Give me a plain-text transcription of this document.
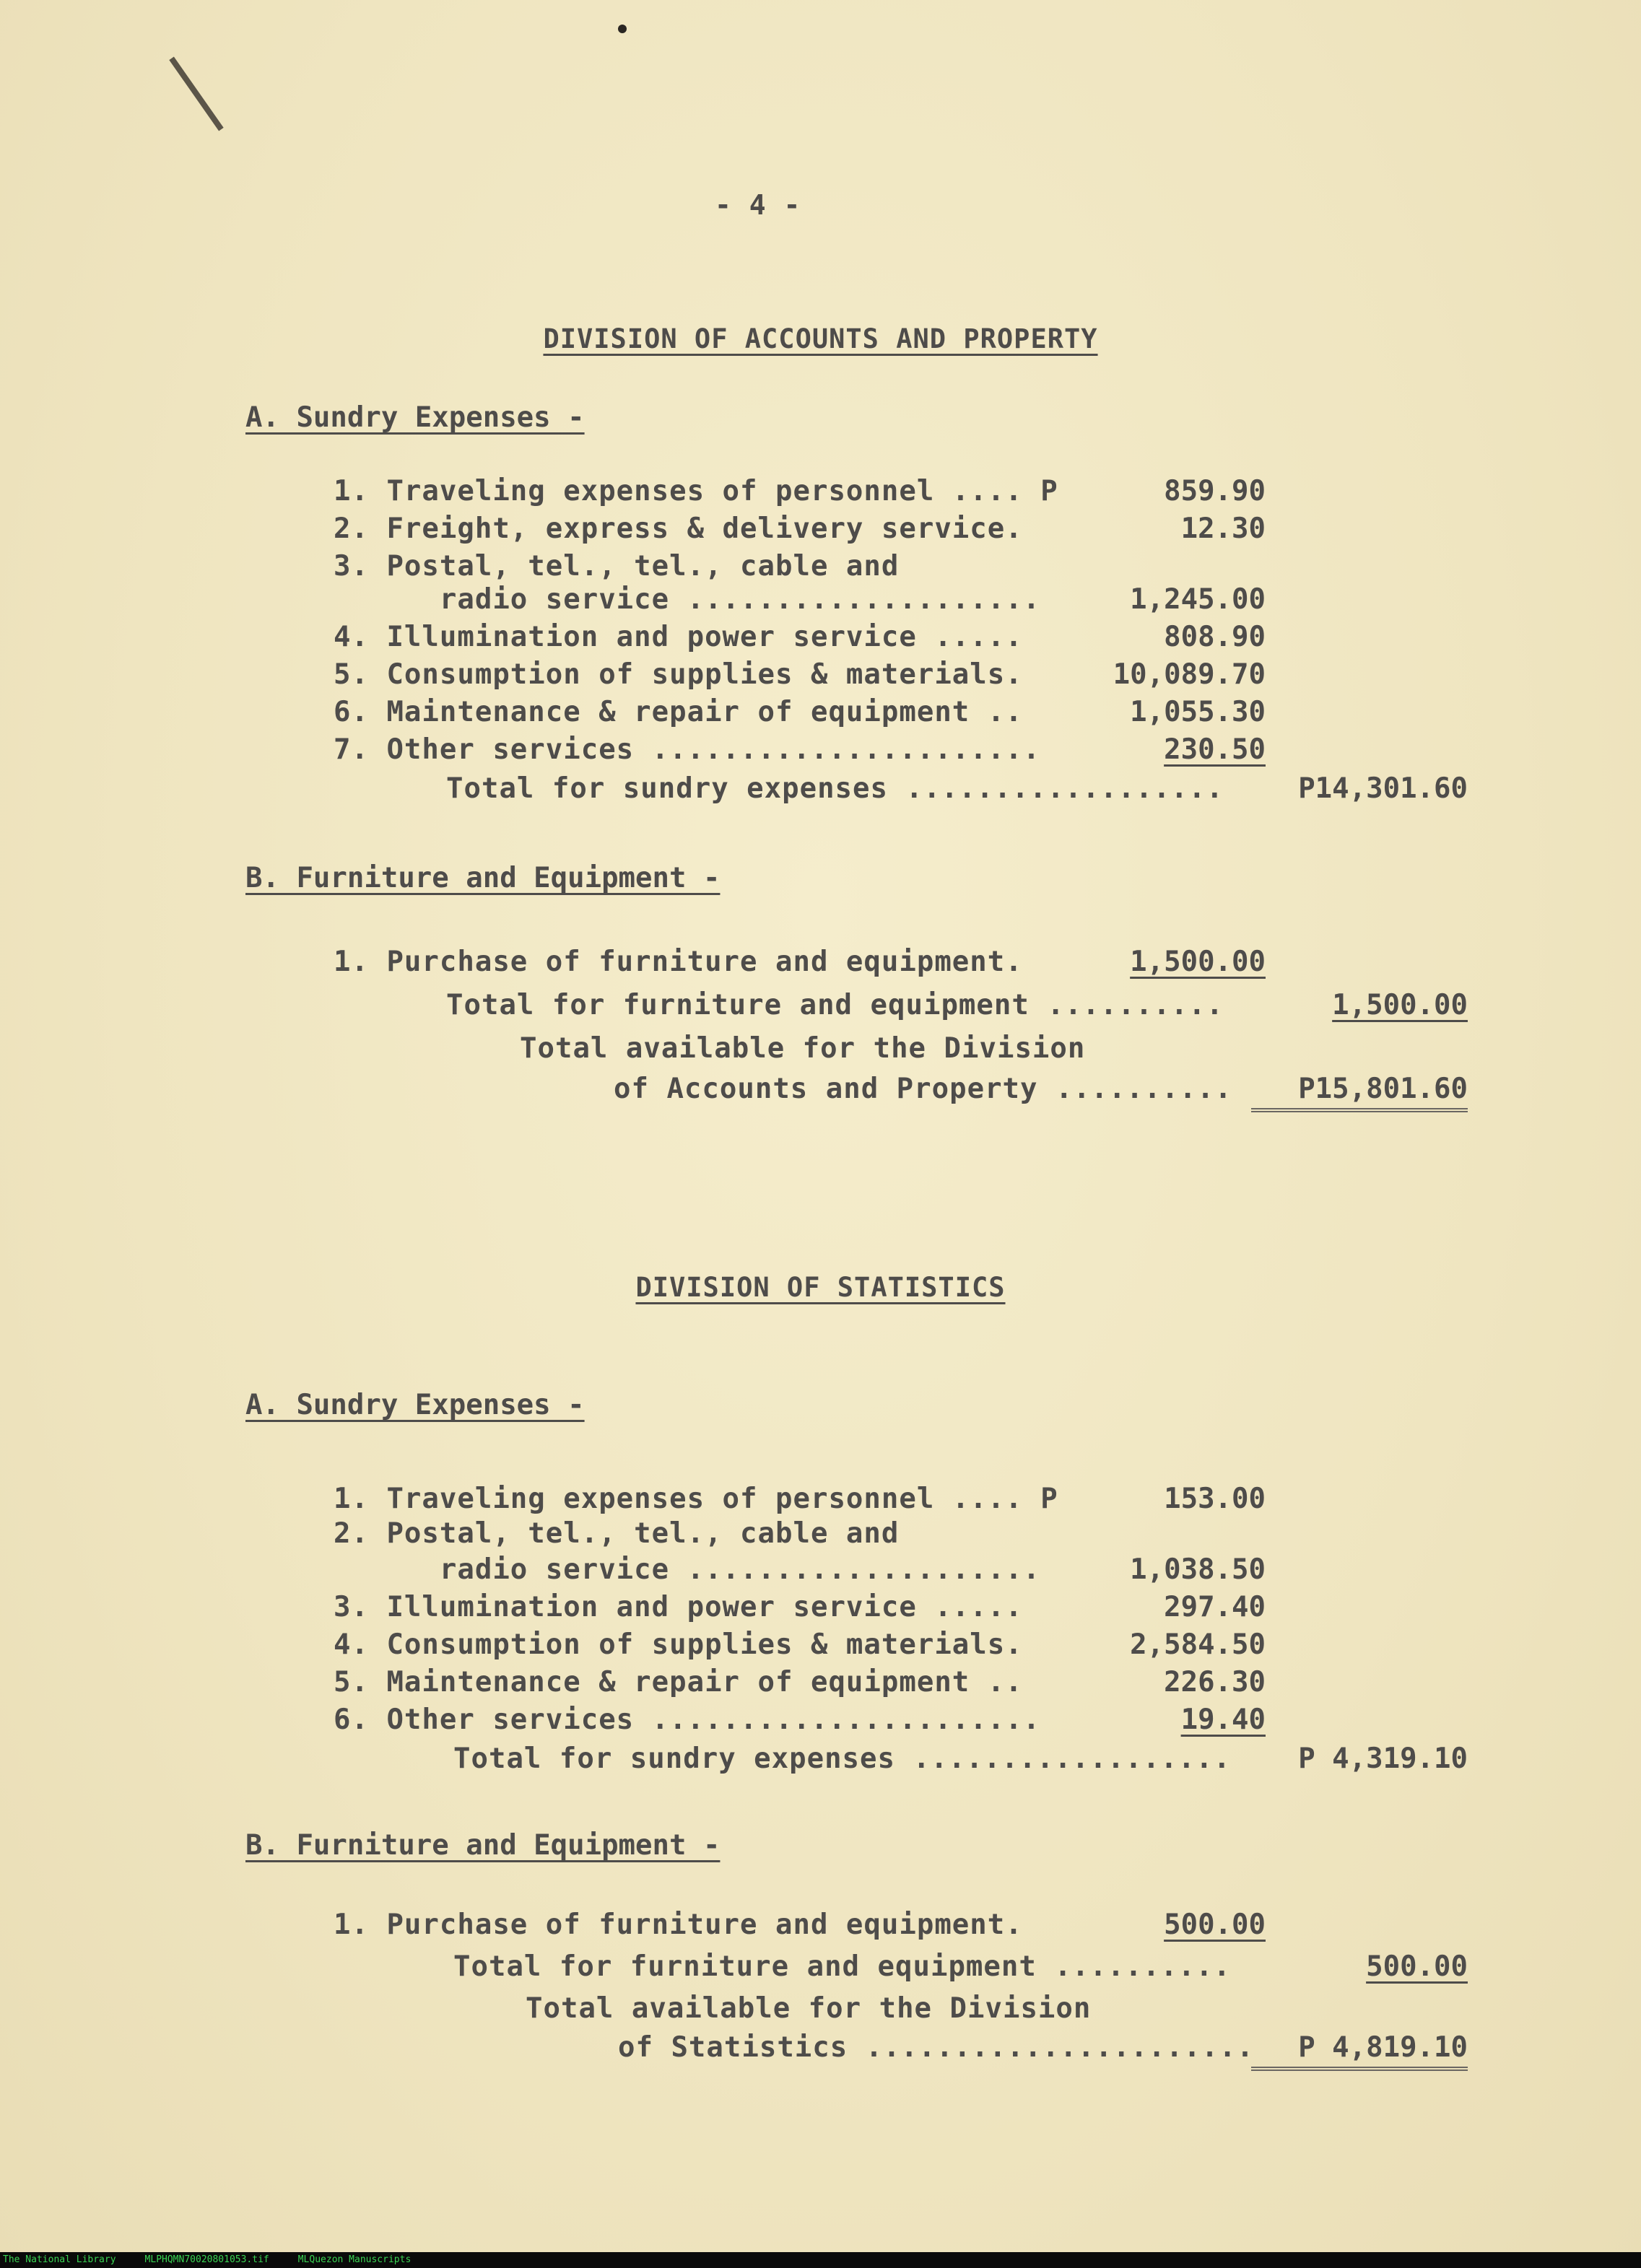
- 4 -
DIVISION OF ACCOUNTS AND PROPERTY
A. Sundry Expenses -
1. Traveling expenses of personnel .... P	859.90
2. Freight, express & delivery service.	12.30
3. Postal, tel., tel., cable and
radio service ....................	1,245.00
4. Illumination and power service .....	808.90
5. Consumption of supplies & materials.	10,089.70
6. Maintenance & repair of equipment ..	1,055.30
7. Other services ......................	230.50
Total for sundry expenses ..................	P14,301.60
B. Furniture and Equipment -
1. Purchase of furniture and equipment.	1,500.00
Total for furniture and equipment ..........	1,500.00
Total available for the Division
of Accounts and Property ..........	P15,801.60
DIVISION OF STATISTICS
A. Sundry Expenses -
1. Traveling expenses of personnel .... P	153.00
2. Postal, tel., tel., cable and
radio service ....................	1,038.50
3. Illumination and power service .....	297.40
4. Consumption of supplies & materials.	2,584.50
5. Maintenance & repair of equipment ..	226.30
6. Other services ......................	19.40
Total for sundry expenses ..................	P 4,319.10
B. Furniture and Equipment -
1. Purchase of furniture and equipment.	500.00
Total for furniture and equipment ..........	500.00
Total available for the Division
of Statistics ......................	P 4,819.10
The National Library	MLPHQMN70020801053.tif	MLQuezon Manuscripts
